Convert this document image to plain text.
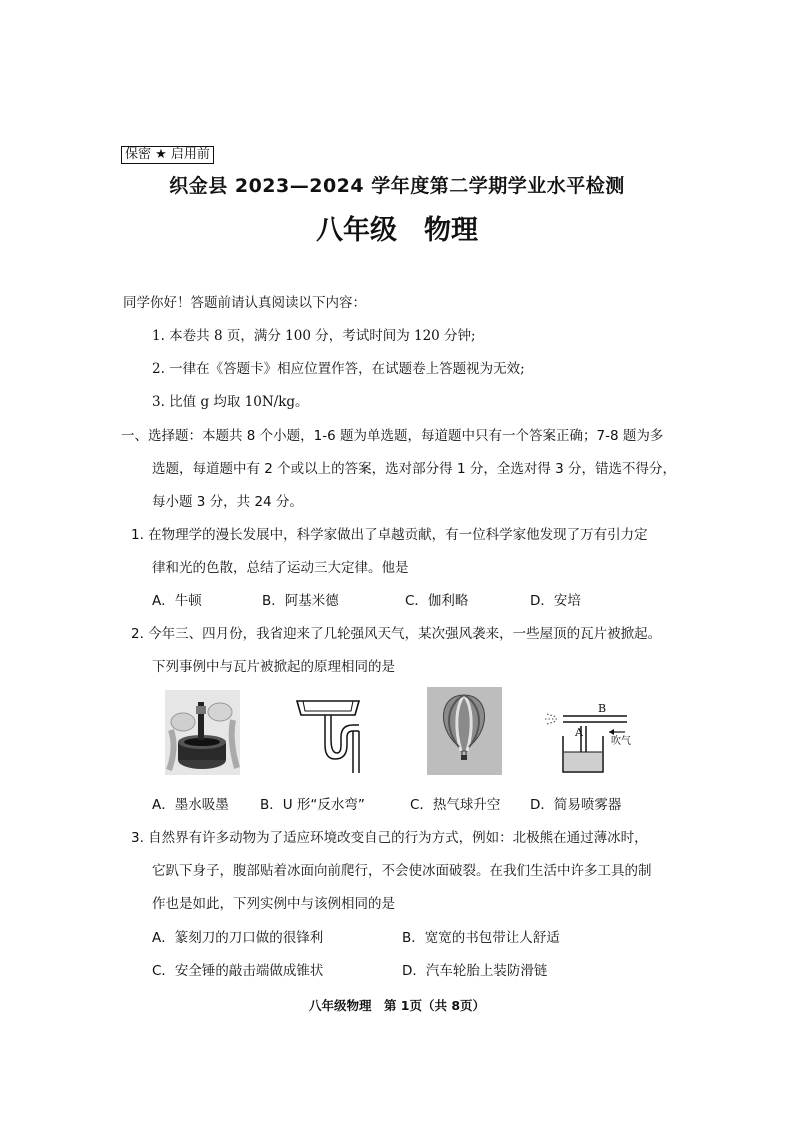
保密 ★ 启用前
织金县 2023—2024 学年度第二学期学业水平检测
八年级　物理
同学你好！答题前请认真阅读以下内容：
1. 本卷共 8 页，满分 100 分，考试时间为 120 分钟;
2. 一律在《答题卡》相应位置作答，在试题卷上答题视为无效;
3. 比值 g 均取 10N/kg。
一、选择题：本题共 8 个小题，1-6 题为单选题，每道题中只有一个答案正确；7-8 题为多
选题，每道题中有 2 个或以上的答案，选对部分得 1 分，全选对得 3 分，错选不得分，
每小题 3 分，共 24 分。
1. 在物理学的漫长发展中，科学家做出了卓越贡献，有一位科学家他发现了万有引力定
律和光的色散，总结了运动三大定律。他是
A．牛顿	B．阿基米德	C．伽利略	D．安培
2. 今年三、四月份，我省迎来了几轮强风天气，某次强风袭来，一些屋顶的瓦片被掀起。
下列事例中与瓦片被掀起的原理相同的是
B
A
吹气
A．墨水吸墨 B．U 形“反水弯”	C．热气球升空 D．简易喷雾器
3. 自然界有许多动物为了适应环境改变自己的行为方式，例如：北极熊在通过薄冰时，
它趴下身子，腹部贴着冰面向前爬行，不会使冰面破裂。在我们生活中许多工具的制
作也是如此，下列实例中与该例相同的是
A．篆刻刀的刀口做的很锋利	B．宽宽的书包带让人舒适
C．安全锤的敲击端做成锥状	D．汽车轮胎上装防滑链
八年级物理　第 1页（共 8页）
